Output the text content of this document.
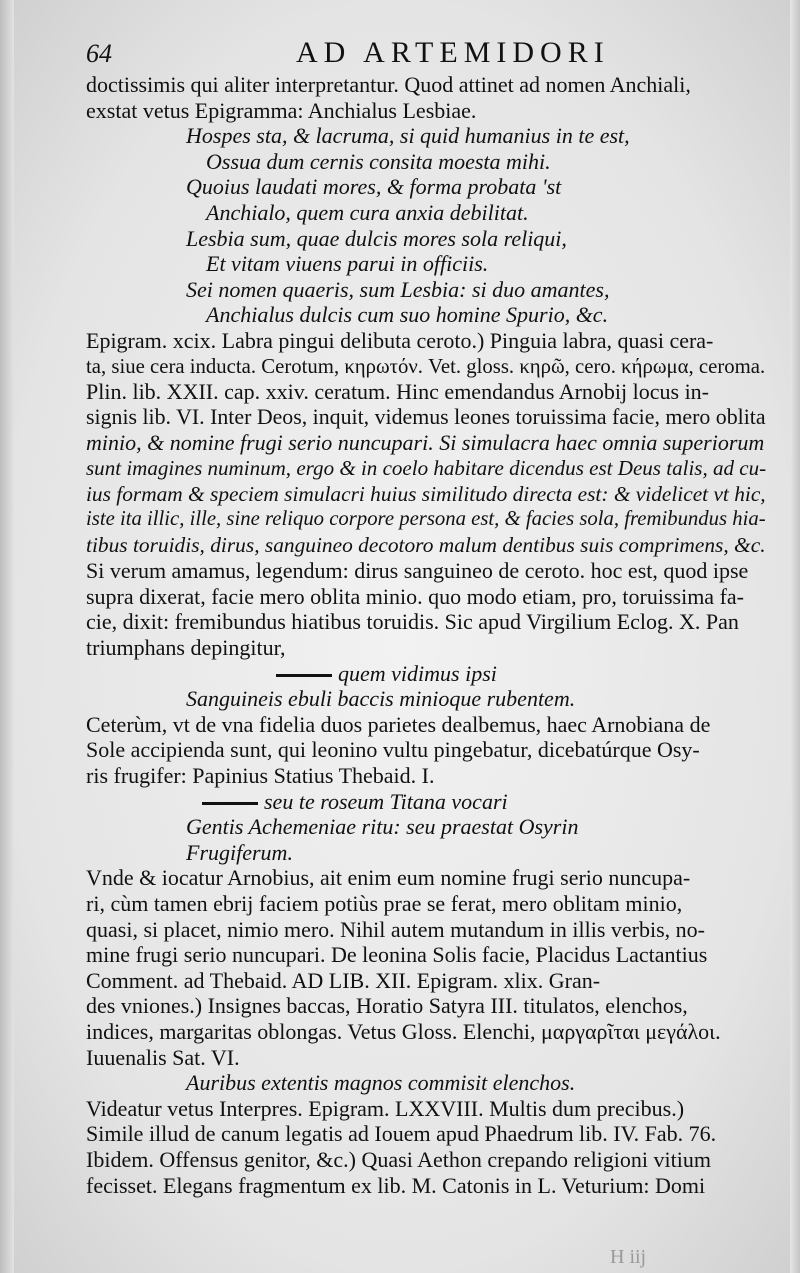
64	AD ARTEMIDORI
doctissimis qui aliter interpretantur. Quod attinet ad nomen Anchiali,
exstat vetus Epigramma: Anchialus Lesbiae.
Hospes sta, & lacruma, si quid humanius in te est,
Ossua dum cernis consita moesta mihi.
Quoius laudati mores, & forma probata 'st
Anchialo, quem cura anxia debilitat.
Lesbia sum, quae dulcis mores sola reliqui,
Et vitam viuens parui in officiis.
Sei nomen quaeris, sum Lesbia: si duo amantes,
Anchialus dulcis cum suo homine Spurio, &c.
Epigram. xcix. Labra pingui delibuta ceroto.) Pinguia labra, quasi cera-
ta, siue cera inducta. Cerotum, κηρωτόν. Vet. gloss. κηρῶ, cero. κήρωμα, ceroma.
Plin. lib. XXII. cap. xxiv. ceratum. Hinc emendandus Arnobij locus in-
signis lib. VI. Inter Deos, inquit, videmus leones toruissima facie, mero oblita
minio, & nomine frugi serio nuncupari. Si simulacra haec omnia superiorum
sunt imagines numinum, ergo & in coelo habitare dicendus est Deus talis, ad cu-
ius formam & speciem simulacri huius similitudo directa est: & videlicet vt hic,
iste ita illic, ille, sine reliquo corpore persona est, & facies sola, fremibundus hia-
tibus toruidis, dirus, sanguineo decotoro malum dentibus suis comprimens, &c.
Si verum amamus, legendum: dirus sanguineo de ceroto. hoc est, quod ipse
supra dixerat, facie mero oblita minio. quo modo etiam, pro, toruissima fa-
cie, dixit: fremibundus hiatibus toruidis. Sic apud Virgilium Eclog. X. Pan
triumphans depingitur,
quem vidimus ipsi
Sanguineis ebuli baccis minioque rubentem.
Ceterùm, vt de vna fidelia duos parietes dealbemus, haec Arnobiana de
Sole accipienda sunt, qui leonino vultu pingebatur, dicebatúrque Osy-
ris frugifer: Papinius Statius Thebaid. I.
seu te roseum Titana vocari
Gentis Achemeniae ritu: seu praestat Osyrin
Frugiferum.
Vnde & iocatur Arnobius, ait enim eum nomine frugi serio nuncupa-
ri, cùm tamen ebrij faciem potiùs prae se ferat, mero oblitam minio,
quasi, si placet, nimio mero. Nihil autem mutandum in illis verbis, no-
mine frugi serio nuncupari. De leonina Solis facie, Placidus Lactantius
Comment. ad Thebaid. AD LIB. XII. Epigram. xlix. Gran-
des vniones.) Insignes baccas, Horatio Satyra III. titulatos, elenchos,
indices, margaritas oblongas. Vetus Gloss. Elenchi, μαργαρῖται μεγάλοι.
Iuuenalis Sat. VI.
Auribus extentis magnos commisit elenchos.
Videatur vetus Interpres. Epigram. LXXVIII. Multis dum precibus.)
Simile illud de canum legatis ad Iouem apud Phaedrum lib. IV. Fab. 76.
Ibidem. Offensus genitor, &c.) Quasi Aethon crepando religioni vitium
fecisset. Elegans fragmentum ex lib. M. Catonis in L. Veturium: Domi
H iij
